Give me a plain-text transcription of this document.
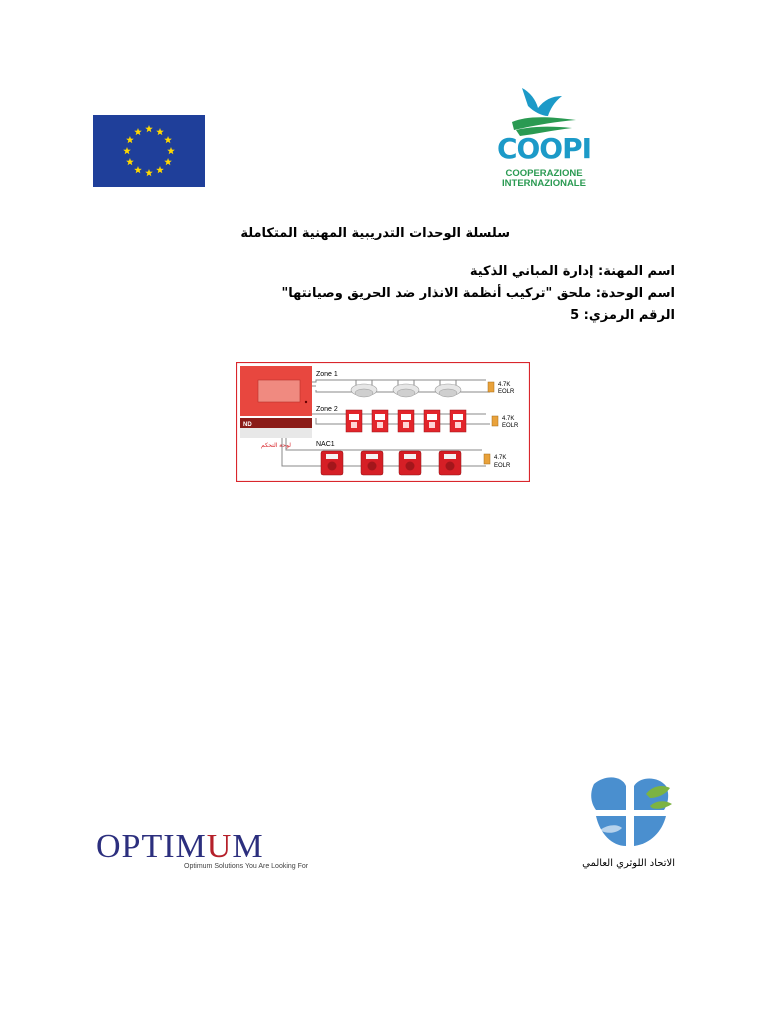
COOPI
COOPERAZIONE
INTERNAZIONALE
سلسلة الوحدات التدريبية المهنية المتكاملة
اسم المهنة: إدارة المباني الذكية
اسم الوحدة: ملحق "تركيب أنظمة الانذار ضد الحريق وصيانتها"
الرقم الرمزي: 5
ND
لوحة التحكم
Zone 1
Zone 2
NAC1
4.7K
EOLR
4.7K
EOLR
4.7K
EOLR
OPTIMUM
Optimum Solutions You Are Looking For	الاتحاد اللوثري العالمي
